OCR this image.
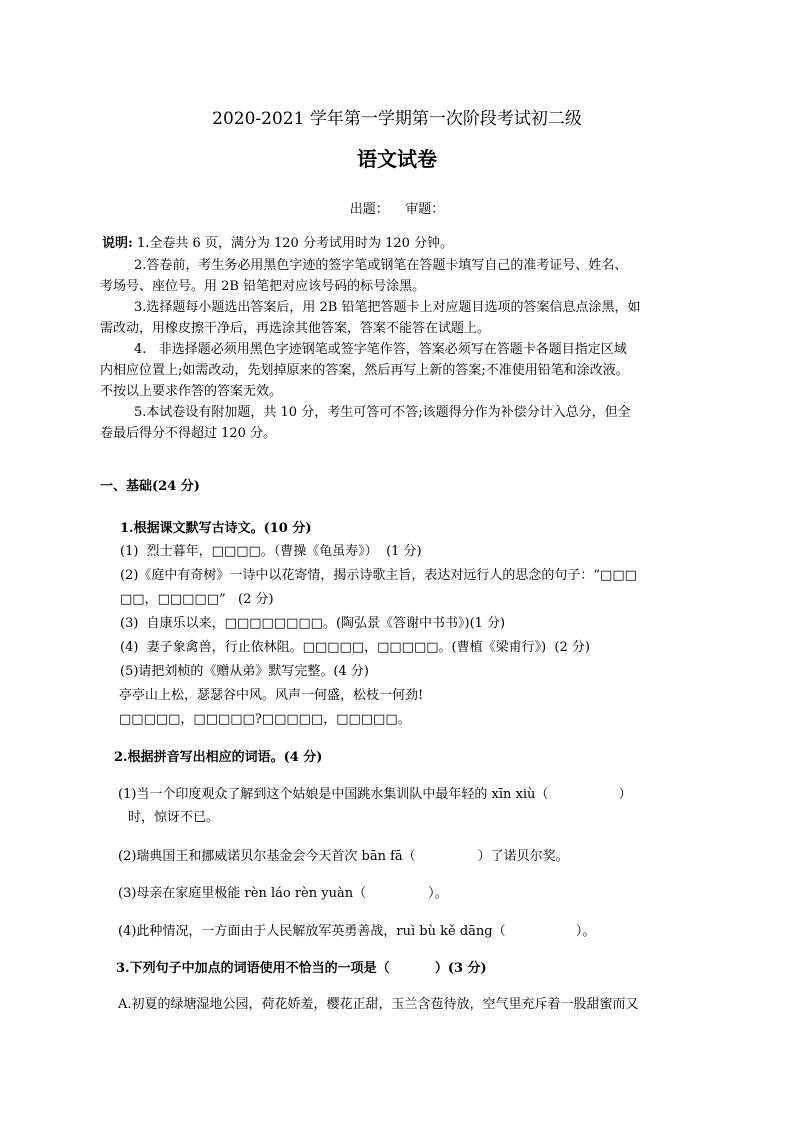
2020-2021 学年第一学期第一次阶段考试初二级
语文试卷
出题：    审题：
说明: 1.全卷共 6 页，满分为 120 分考试用时为 120 分钟。
2.答卷前，考生务必用黑色字迹的签字笔或钢笔在答题卡填写自己的准考证号、姓名、
考场号、座位号。用 2B 铅笔把对应该号码的标号涂黑。
3.选择题每小题选出答案后，用 2B 铅笔把答题卡上对应题目选项的答案信息点涂黑，如
需改动，用橡皮擦干净后，再选涂其他答案，答案不能答在试题上。
4.   非选择题必须用黑色字迹钢笔或签字笔作答，答案必须写在答题卡各题目指定区域
内相应位置上;如需改动，先划掉原来的答案，然后再写上新的答案;不准使用铅笔和涂改液。
不按以上要求作答的答案无效。
5.本试卷设有附加题，共 10 分，考生可答可不答;该题得分作为补偿分计入总分，但全
卷最后得分不得超过 120 分。
一、基础(24 分)
1.根据课文默写古诗文。(10 分)
(1)  烈士暮年，□□□□。（曹操《龟虽寿》）  (1 分)
(2)《庭中有奇树》一诗中以花寄情，揭示诗歌主旨，表达对远行人的思念的句子：“□□□
□□，□□□□□”   (2 分)
(3)  自康乐以来，□□□□□□□□。(陶弘景《答谢中书书》)(1 分)
(4)  妻子象禽兽，行止依林阻。□□□□□，□□□□□。(曹植《梁甫行》)  (2 分)
(5)请把刘桢的《赠从弟》默写完整。(4 分)
亭亭山上松，瑟瑟谷中风。风声一何盛，松枝一何劲!
□□□□□，□□□□□?□□□□□，□□□□□。
2.根据拼音写出相应的词语。(4 分)
(1)当一个印度观众了解到这个姑娘是中国跳水集训队中最年轻的 xīn xiù（                 ）
时，惊讶不已。
(2)瑞典国王和挪威诺贝尔基金会今天首次 bān fā（               ）了诺贝尔奖。
(3)母亲在家庭里极能 rèn láo rèn yuàn（               ）。
(4)此种情况，一方面由于人民解放军英勇善战，ruì bù kě dāng（                 ）。
3.下列句子中加点的词语使用不恰当的一项是（          ）(3 分)
A.初夏的绿塘湿地公园，荷花娇羞，樱花正甜，玉兰含苞待放，空气里充斥着一股甜蜜而又
